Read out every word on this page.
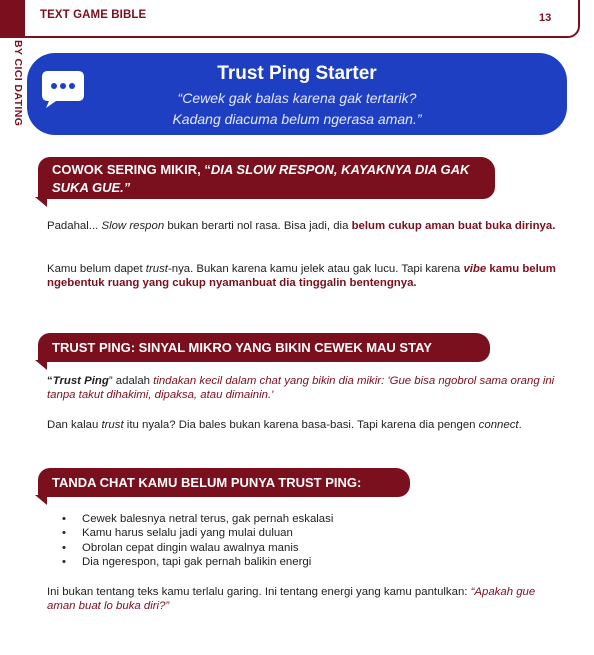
TEXT GAME BIBLE	13
BY CICI DATING	Trust Ping Starter
“Cewek gak balas karena gak tertarik?
Kadang diacuma belum ngerasa aman.”
COWOK SERING MIKIR, “DIA SLOW RESPON, KAYAKNYA DIA GAK SUKA GUE.”
Padahal... Slow respon bukan berarti nol rasa. Bisa jadi, dia belum cukup aman buat buka dirinya.
Kamu belum dapet trust-nya. Bukan karena kamu jelek atau gak lucu. Tapi karena vibe kamu belum ngebentuk ruang yang cukup nyamanbuat dia tinggalin bentengnya.
TRUST PING: SINYAL MIKRO YANG BIKIN CEWEK MAU STAY
“Trust Ping” adalah tindakan kecil dalam chat yang bikin dia mikir: 'Gue bisa ngobrol sama orang ini tanpa takut dihakimi, dipaksa, atau dimainin.'
Dan kalau trust itu nyala? Dia bales bukan karena basa-basi. Tapi karena dia pengen connect.
TANDA CHAT KAMU BELUM PUNYA TRUST PING:
• Cewek balesnya netral terus, gak pernah eskalasi
• Kamu harus selalu jadi yang mulai duluan
• Obrolan cepat dingin walau awalnya manis
• Dia ngerespon, tapi gak pernah balikin energi
Ini bukan tentang teks kamu terlalu garing. Ini tentang energi yang kamu pantulkan: “Apakah gue aman buat lo buka diri?”
